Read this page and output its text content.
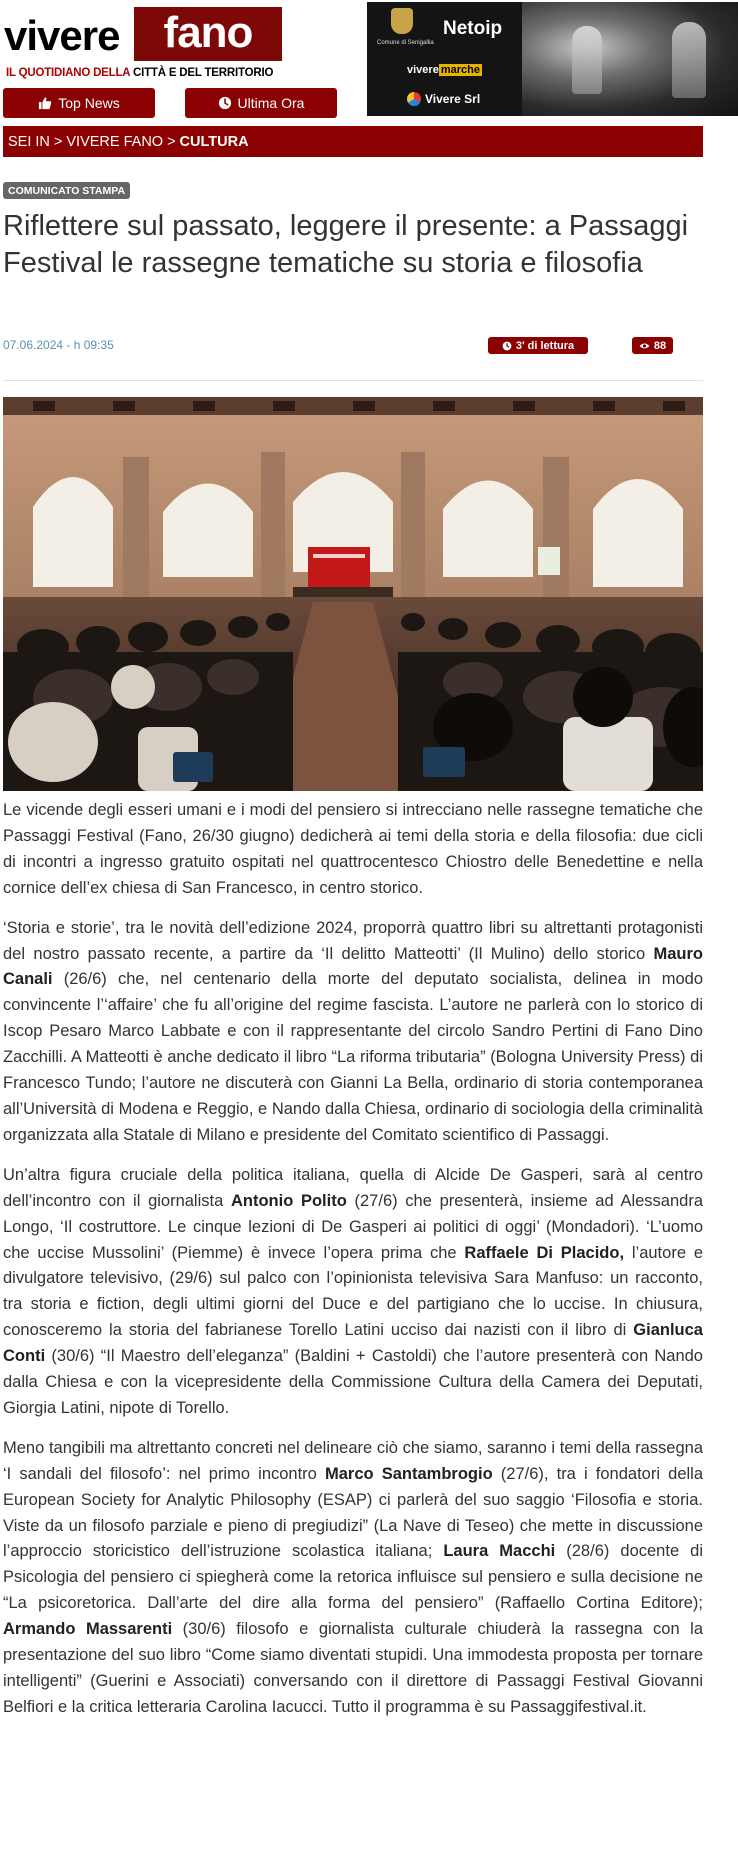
vivere	fano
IL QUOTIDIANO DELLA CITTÀ E DEL TERRITORIO
Top News	Ultima Ora
Comune di Senigallia
Netoip
vivere marche
Vivere Srl
SEI IN > VIVERE FANO > CULTURA
COMUNICATO STAMPA
Riflettere sul passato, leggere il presente: a Passaggi Festival le rassegne tematiche su storia e filosofia
07.06.2024 - h 09:35	3' di lettura	88

Le vicende degli esseri umani e i modi del pensiero si intrecciano nelle rassegne tematiche che Passaggi Festival (Fano, 26/30 giugno) dedicherà ai temi della storia e della filosofia: due cicli di incontri a ingresso gratuito ospitati nel quattrocentesco Chiostro delle Benedettine e nella cornice dell’ex chiesa di San Francesco, in centro storico.

‘Storia e storie’, tra le novità dell’edizione 2024, proporrà quattro libri su altrettanti protagonisti del nostro passato recente, a partire da ‘Il delitto Matteotti’ (Il Mulino) dello storico Mauro Canali (26/6) che, nel centenario della morte del deputato socialista, delinea in modo convincente l’‘affaire’ che fu all’origine del regime fascista. L’autore ne parlerà con lo storico di Iscop Pesaro Marco Labbate e con il rappresentante del circolo Sandro Pertini di Fano Dino Zacchilli. A Matteotti è anche dedicato il libro “La riforma tributaria” (Bologna University Press) di Francesco Tundo; l’autore ne discuterà con Gianni La Bella, ordinario di storia contemporanea all’Università di Modena e Reggio, e Nando dalla Chiesa, ordinario di sociologia della criminalità organizzata alla Statale di Milano e presidente del Comitato scientifico di Passaggi.

Un’altra figura cruciale della politica italiana, quella di Alcide De Gasperi, sarà al centro dell’incontro con il giornalista Antonio Polito (27/6) che presenterà, insieme ad Alessandra Longo, ‘Il costruttore. Le cinque lezioni di De Gasperi ai politici di oggi’ (Mondadori). ‘L’uomo che uccise Mussolini’ (Piemme) è invece l’opera prima che Raffaele Di Placido, l’autore e divulgatore televisivo, (29/6) sul palco con l’opinionista televisiva Sara Manfuso: un racconto, tra storia e fiction, degli ultimi giorni del Duce e del partigiano che lo uccise. In chiusura, conosceremo la storia del fabrianese Torello Latini ucciso dai nazisti con il libro di Gianluca Conti (30/6) “Il Maestro dell’eleganza” (Baldini + Castoldi) che l’autore presenterà con Nando dalla Chiesa e con la vicepresidente della Commissione Cultura della Camera dei Deputati, Giorgia Latini, nipote di Torello.

Meno tangibili ma altrettanto concreti nel delineare ciò che siamo, saranno i temi della rassegna ‘I sandali del filosofo’: nel primo incontro Marco Santambrogio (27/6), tra i fondatori della European Society for Analytic Philosophy (ESAP) ci parlerà del suo saggio ‘Filosofia e storia. Viste da un filosofo parziale e pieno di pregiudizi” (La Nave di Teseo) che mette in discussione l’approccio storicistico dell’istruzione scolastica italiana; Laura Macchi (28/6) docente di Psicologia del pensiero ci spiegherà come la retorica influisce sul pensiero e sulla decisione ne “La psicoretorica. Dall’arte del dire alla forma del pensiero” (Raffaello Cortina Editore); Armando Massarenti (30/6) filosofo e giornalista culturale chiuderà la rassegna con la presentazione del suo libro “Come siamo diventati stupidi. Una immodesta proposta per tornare intelligenti” (Guerini e Associati) conversando con il direttore di Passaggi Festival Giovanni Belfiori e la critica letteraria Carolina Iacucci. Tutto il programma è su Passaggifestival.it.
